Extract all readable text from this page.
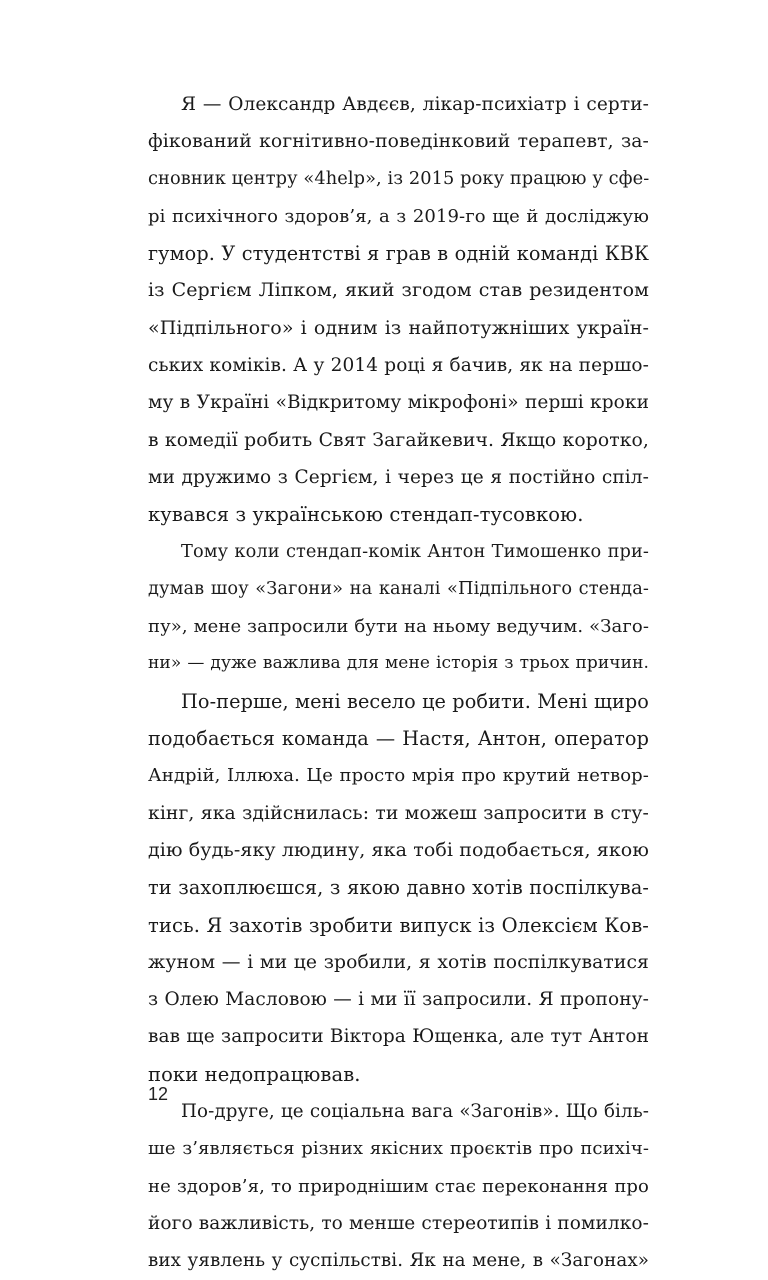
Я — Олександр Авдєєв, лікар-психіатр і серти-
фікований когнітивно-поведінковий терапевт, за-
сновник центру «4help», із 2015 року працюю у сфе-
рі психічного здоров’я, а з 2019-го ще й досліджую
гумор. У студентстві я грав в одній команді КВК
із Сергієм Ліпком, який згодом став резидентом
«Підпільного» і одним із найпотужніших україн-
ських коміків. А у 2014 році я бачив, як на першо-
му в Україні «Відкритому мікрофоні» перші кроки
в комедії робить Свят Загайкевич. Якщо коротко,
ми дружимо з Сергієм, і через це я постійно спіл-
кувався з українською стендап-тусовкою.
Тому коли стендап-комік Антон Тимошенко при-
думав шоу «Загони» на каналі «Підпільного стенда-
пу», мене запросили бути на ньому ведучим. «Заго-
ни» — дуже важлива для мене історія з трьох причин.
По-перше, мені весело це робити. Мені щиро
подобається команда — Настя, Антон, оператор
Андрій, Іллюха. Це просто мрія про крутий нетвор-
кінг, яка здійснилась: ти можеш запросити в сту-
дію будь-яку людину, яка тобі подобається, якою
ти захоплюєшся, з якою давно хотів поспілкува-
тись. Я захотів зробити випуск із Олексієм Ков-
жуном — і ми це зробили, я хотів поспілкуватися
з Олею Масловою — і ми її запросили. Я пропону-
вав ще запросити Віктора Ющенка, але тут Антон
поки недопрацював.
По-друге, це соціальна вага «Загонів». Що біль-
ше з’являється різних якісних проєктів про психіч-
не здоров’я, то природнішим стає переконання про
його важливість, то менше стереотипів і помилко-
вих уявлень у суспільстві. Як на мене, в «Загонах»
12
